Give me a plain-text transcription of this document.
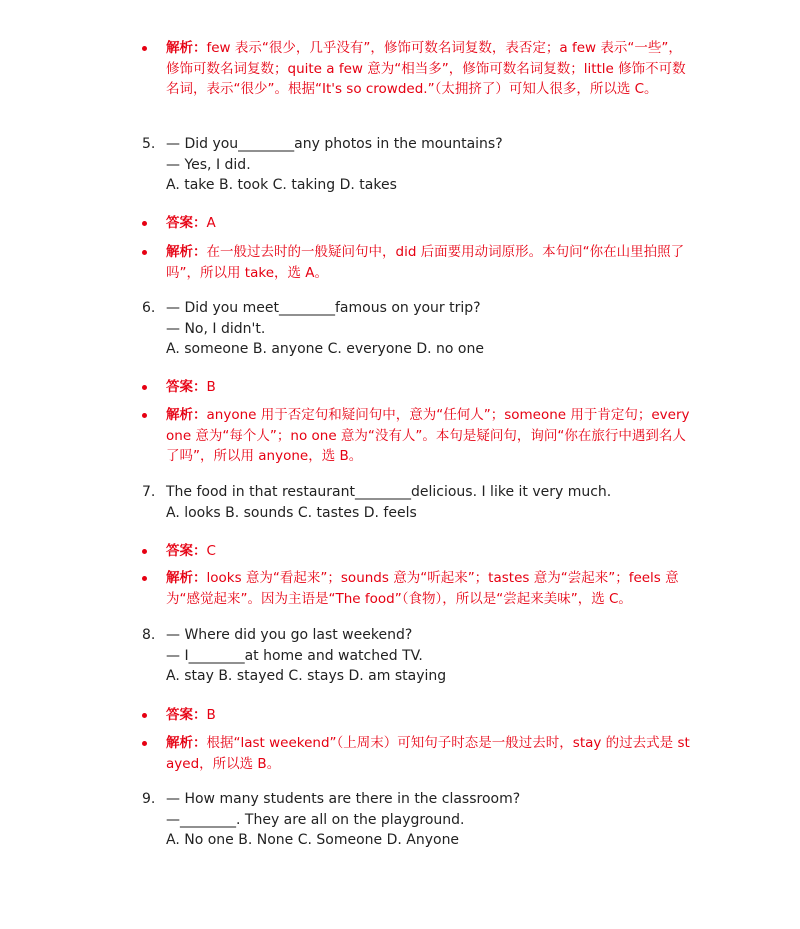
解析：few 表示“很少，几乎没有”，修饰可数名词复数，表否定；a few 表示“一些”，修饰可数名词复数；quite a few 意为“相当多”，修饰可数名词复数；little 修饰不可数名词，表示“很少”。根据“It's so crowded.”（太拥挤了）可知人很多，所以选 C。
5. — Did you________any photos in the mountains?
— Yes, I did.
A. take B. took C. taking D. takes
答案：A
解析：在一般过去时的一般疑问句中，did 后面要用动词原形。本句问“你在山里拍照了吗”，所以用 take，选 A。
6. — Did you meet________famous on your trip?
— No, I didn't.
A. someone B. anyone C. everyone D. no one
答案：B
解析：anyone 用于否定句和疑问句中，意为“任何人”；someone 用于肯定句；everyone 意为“每个人”；no one 意为“没有人”。本句是疑问句，询问“你在旅行中遇到名人了吗”，所以用 anyone，选 B。
7. The food in that restaurant________delicious. I like it very much.
A. looks B. sounds C. tastes D. feels
答案：C
解析：looks 意为“看起来”；sounds 意为“听起来”；tastes 意为“尝起来”；feels 意为“感觉起来”。因为主语是“The food”（食物），所以是“尝起来美味”，选 C。
8. — Where did you go last weekend?
— I________at home and watched TV.
A. stay B. stayed C. stays D. am staying
答案：B
解析：根据“last weekend”（上周末）可知句子时态是一般过去时，stay 的过去式是 stayed，所以选 B。
9. — How many students are there in the classroom?
—________. They are all on the playground.
A. No one B. None C. Someone D. Anyone
